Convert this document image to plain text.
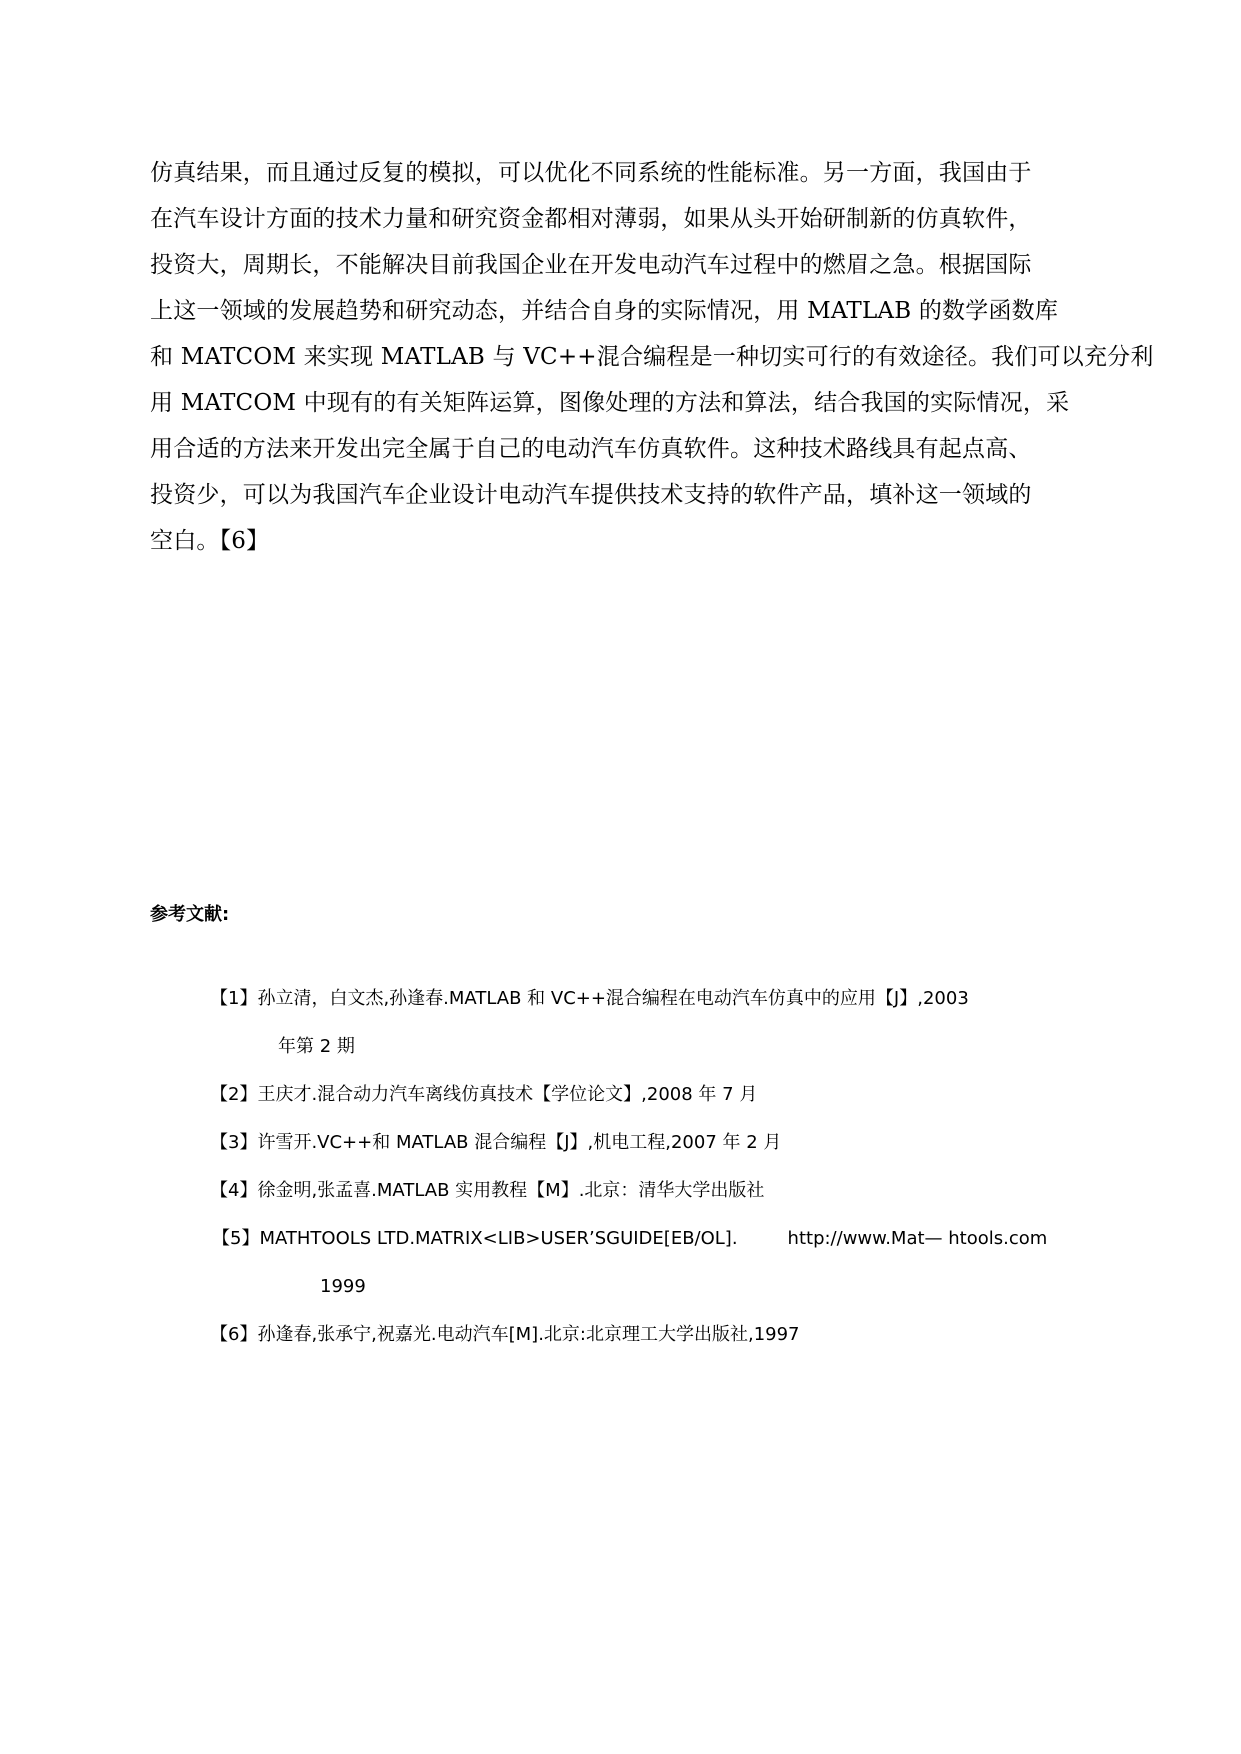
仿真结果，而且通过反复的模拟，可以优化不同系统的性能标准。另一方面，我国由于
在汽车设计方面的技术力量和研究资金都相对薄弱，如果从头开始研制新的仿真软件，
投资大，周期长，不能解决目前我国企业在开发电动汽车过程中的燃眉之急。根据国际
上这一领域的发展趋势和研究动态，并结合自身的实际情况，用 MATLAB 的数学函数库
和 MATCOM 来实现 MATLAB 与 VC++混合编程是一种切实可行的有效途径。我们可以充分利
用 MATCOM 中现有的有关矩阵运算，图像处理的方法和算法，结合我国的实际情况，采
用合适的方法来开发出完全属于自己的电动汽车仿真软件。这种技术路线具有起点高、
投资少，可以为我国汽车企业设计电动汽车提供技术支持的软件产品，填补这一领域的
空白。【6】
参考文献:
【1】孙立清，白文杰,孙逢春.MATLAB 和 VC++混合编程在电动汽车仿真中的应用【J】,2003
年第 2 期
【2】王庆才.混合动力汽车离线仿真技术【学位论文】,2008 年 7 月
【3】许雪开.VC++和 MATLAB 混合编程【J】,机电工程,2007 年 2 月
【4】徐金明,张孟喜.MATLAB 实用教程【M】.北京：清华大学出版社
【5】MATHTOOLS LTD.MATRIX<LIB>USER’SGUIDE[EB/OL].	http://www.Mat— htools.com
1999
【6】孙逢春,张承宁,祝嘉光.电动汽车[M].北京:北京理工大学出版社,1997
